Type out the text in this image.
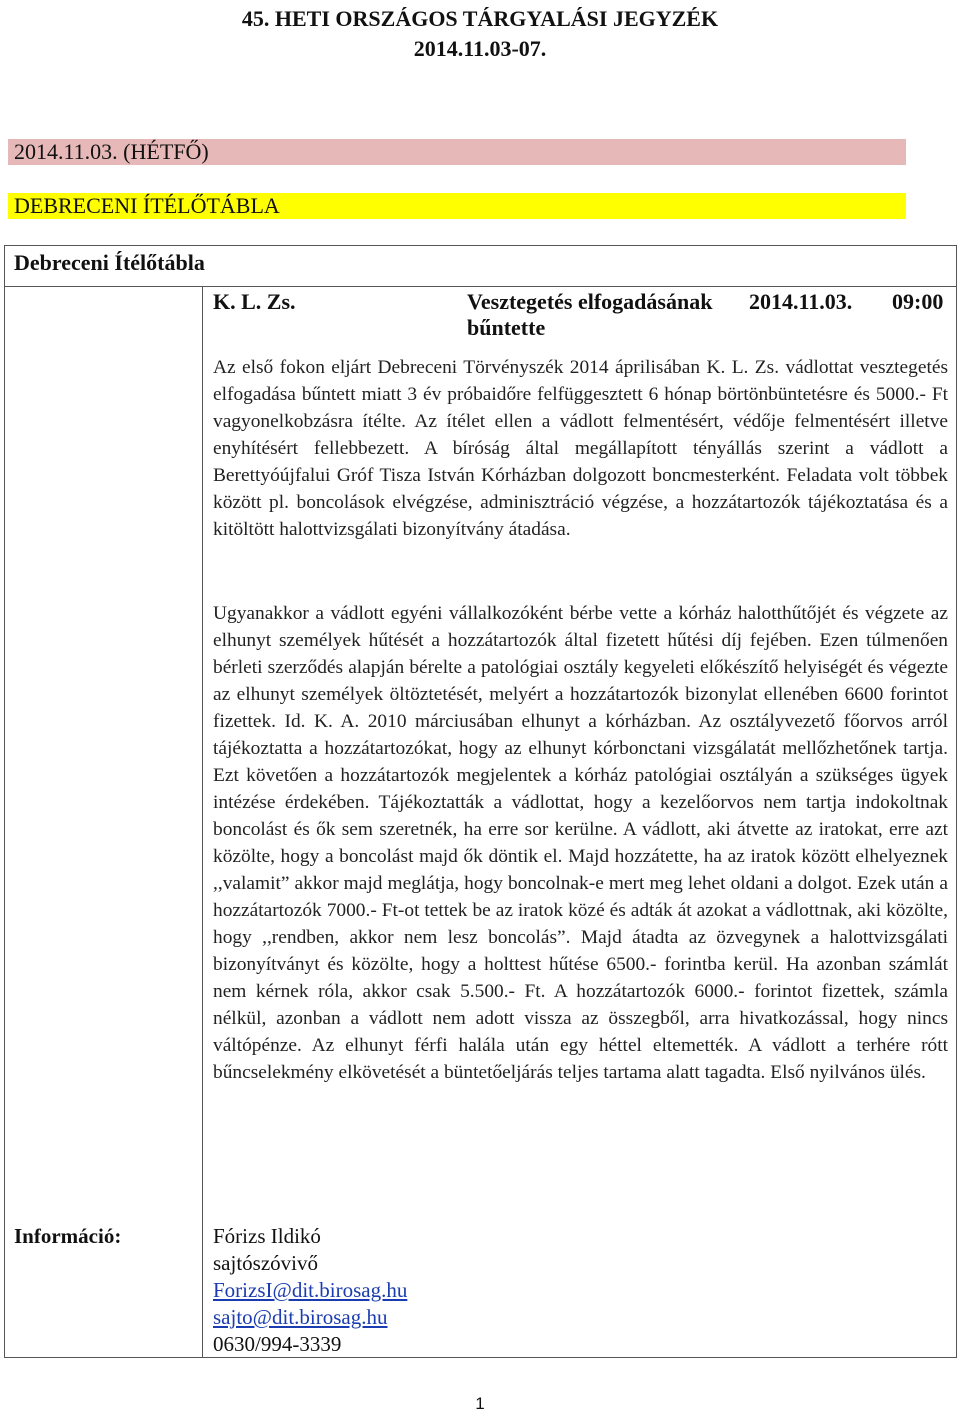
45. HETI ORSZÁGOS TÁRGYALÁSI JEGYZÉK
2014.11.03-07.
2014.11.03. (HÉTFŐ)
DEBRECENI ÍTÉLŐTÁBLA
Debreceni Ítélőtábla
K. L. Zs.	Vesztegetés elfogadásának
bűntette
2014.11.03. 09:00
Az első fokon eljárt Debreceni Törvényszék 2014 áprilisában K. L. Zs. vádlottat vesztegetés elfogadása bűntett miatt 3 év próbaidőre felfüggesztett 6 hónap börtönbüntetésre és 5000.- Ft vagyonelkobzásra ítélte. Az ítélet ellen a vádlott felmentésért, védője felmentésért illetve enyhítésért fellebbezett. A bíróság által megállapított tényállás szerint a vádlott a Berettyóújfalui Gróf Tisza István Kórházban dolgozott boncmesterként. Feladata volt többek között pl. boncolások elvégzése, adminisztráció végzése, a hozzátartozók tájékoztatása és a kitöltött halottvizsgálati bizonyítvány átadása.
Ugyanakkor a vádlott egyéni vállalkozóként bérbe vette a kórház halotthűtőjét és végzete az elhunyt személyek hűtését a hozzátartozók által fizetett hűtési díj fejében. Ezen túlmenően bérleti szerződés alapján bérelte a patológiai osztály kegyeleti előkészítő helyiségét és végezte az elhunyt személyek öltöztetését, melyért a hozzátartozók bizonylat ellenében 6600 forintot fizettek. Id. K. A. 2010 márciusában elhunyt a kórházban. Az osztályvezető főorvos arról tájékoztatta a hozzátartozókat, hogy az elhunyt kórbonctani vizsgálatát mellőzhetőnek tartja. Ezt követően a hozzátartozók megjelentek a kórház patológiai osztályán a szükséges ügyek intézése érdekében. Tájékoztatták a vádlottat, hogy a kezelőorvos nem tartja indokoltnak boncolást és ők sem szeretnék, ha erre sor kerülne. A vádlott, aki átvette az iratokat, erre azt közölte, hogy a boncolást majd ők döntik el. Majd hozzátette, ha az iratok között elhelyeznek ,,valamit” akkor majd meglátja, hogy boncolnak-e mert meg lehet oldani a dolgot. Ezek után a hozzátartozók 7000.- Ft-ot tettek be az iratok közé és adták át azokat a vádlottnak, aki közölte, hogy ,,rendben, akkor nem lesz boncolás”. Majd átadta az özvegynek a halottvizsgálati bizonyítványt és közölte, hogy a holttest hűtése 6500.- forintba kerül. Ha azonban számlát nem kérnek róla, akkor csak 5.500.- Ft. A hozzátartozók 6000.- forintot fizettek, számla nélkül, azonban a vádlott nem adott vissza az összegből, arra hivatkozással, hogy nincs váltópénze. Az elhunyt férfi halála után egy héttel eltemették. A vádlott a terhére rótt bűncselekmény elkövetését a büntetőeljárás teljes tartama alatt tagadta. Első nyilvános ülés.
Információ:	Fórizs Ildikó
sajtószóvivő
ForizsI@dit.birosag.hu
sajto@dit.birosag.hu
0630/994-3339
1
